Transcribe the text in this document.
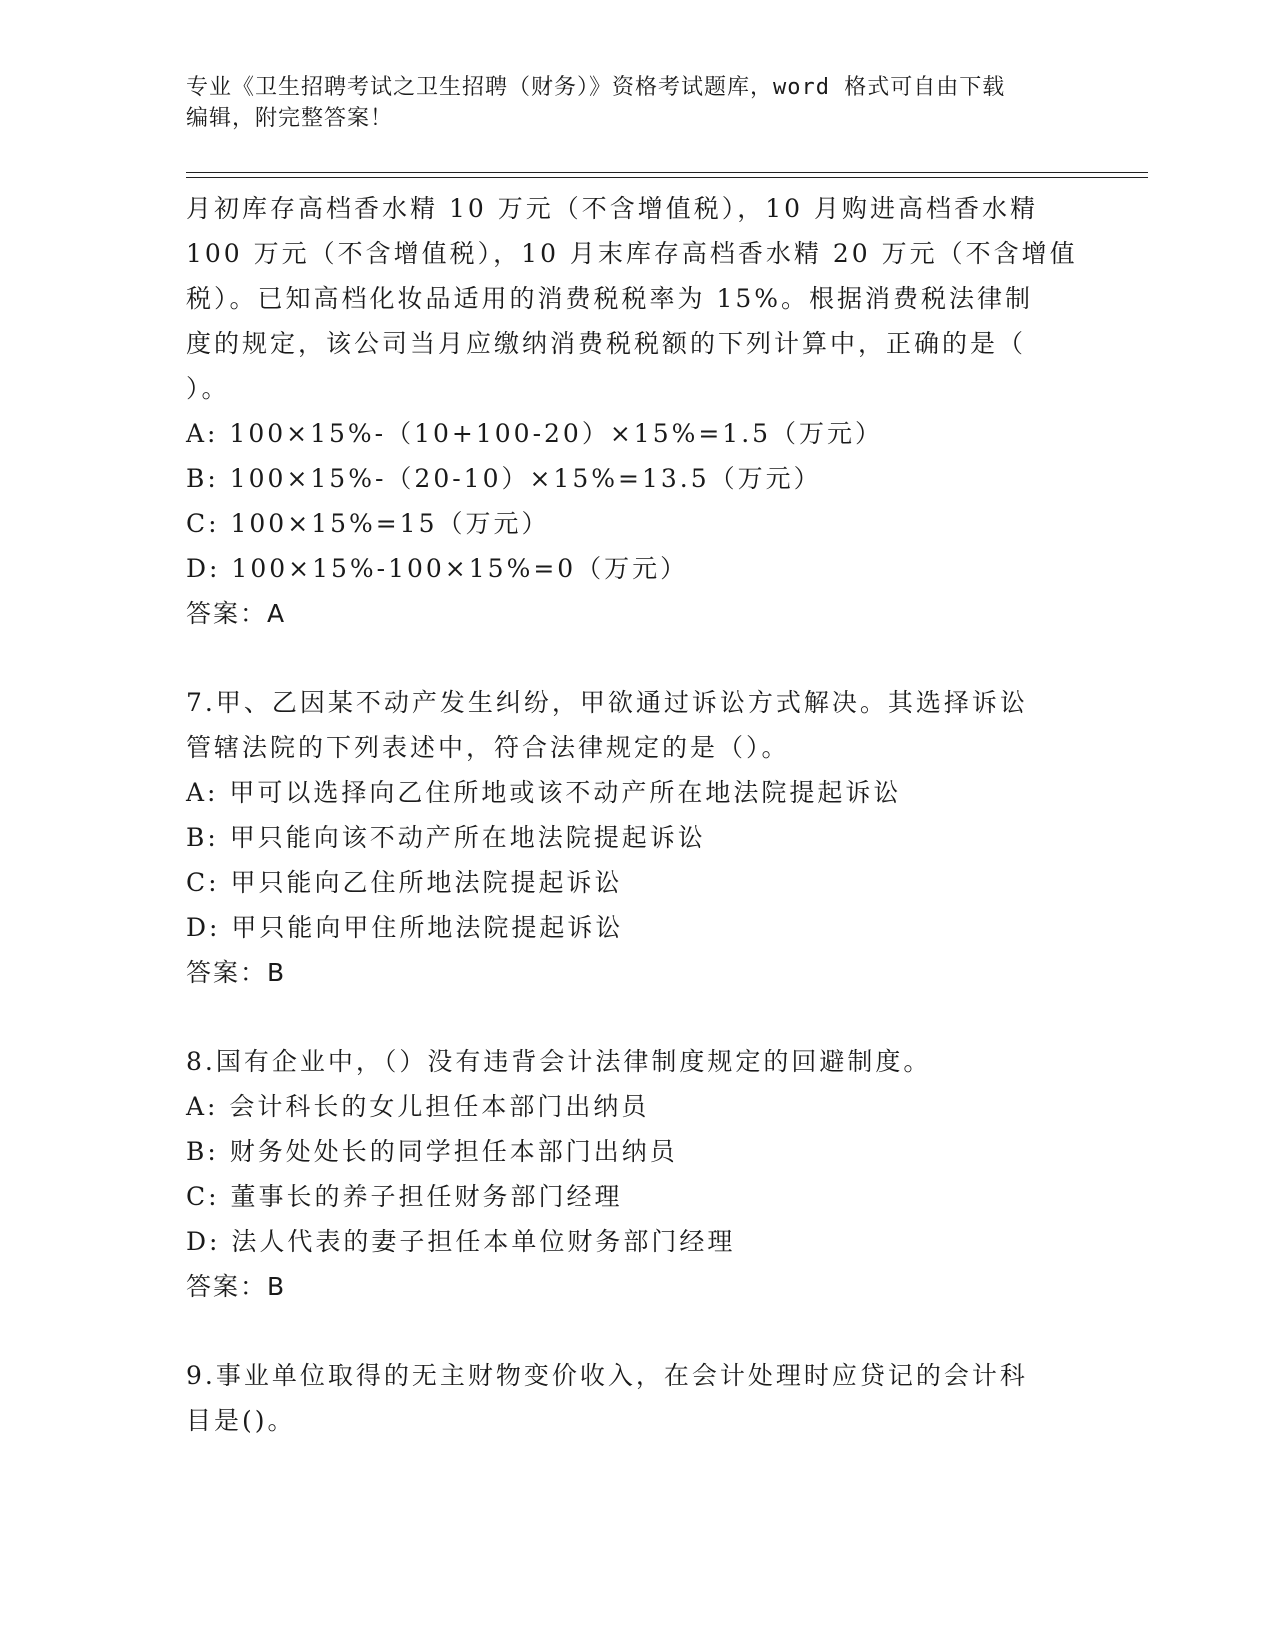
专业《卫生招聘考试之卫生招聘（财务）》资格考试题库，word 格式可自由下载
编辑，附完整答案！
月初库存高档香水精 10 万元（不含增值税），10 月购进高档香水精
100 万元（不含增值税），10 月末库存高档香水精 20 万元（不含增值
税）。已知高档化妆品适用的消费税税率为 15%。根据消费税法律制
度的规定，该公司当月应缴纳消费税税额的下列计算中，正确的是（
）。
A: 100×15%-（10+100-20）×15%=1.5（万元）
B: 100×15%-（20-10）×15%=13.5（万元）
C: 100×15%=15（万元）
D: 100×15%-100×15%=0（万元）
答案：A
7.甲、乙因某不动产发生纠纷，甲欲通过诉讼方式解决。其选择诉讼
管辖法院的下列表述中，符合法律规定的是（）。
A: 甲可以选择向乙住所地或该不动产所在地法院提起诉讼
B: 甲只能向该不动产所在地法院提起诉讼
C: 甲只能向乙住所地法院提起诉讼
D: 甲只能向甲住所地法院提起诉讼
答案：B
8.国有企业中，（）没有违背会计法律制度规定的回避制度。
A: 会计科长的女儿担任本部门出纳员
B: 财务处处长的同学担任本部门出纳员
C: 董事长的养子担任财务部门经理
D: 法人代表的妻子担任本单位财务部门经理
答案：B
9.事业单位取得的无主财物变价收入，在会计处理时应贷记的会计科
目是()。
